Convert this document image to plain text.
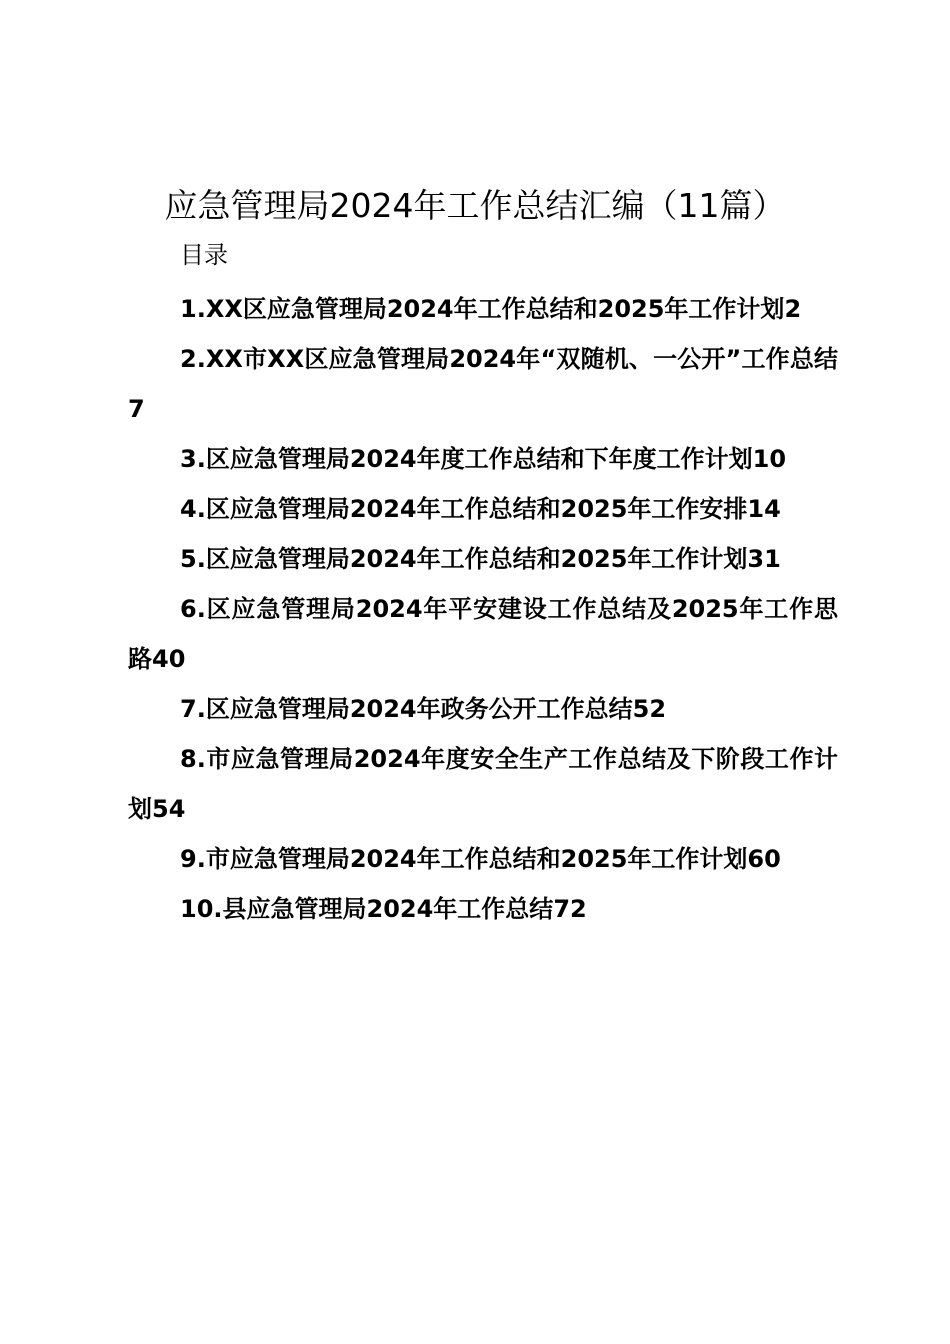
应急管理局2024年工作总结汇编（11篇）
目录
1.XX区应急管理局2024年工作总结和2025年工作计划2
2.XX市XX区应急管理局2024年“双随机、一公开”工作总结7
3.区应急管理局2024年度工作总结和下年度工作计划10
4.区应急管理局2024年工作总结和2025年工作安排14
5.区应急管理局2024年工作总结和2025年工作计划31
6.区应急管理局2024年平安建设工作总结及2025年工作思路40
7.区应急管理局2024年政务公开工作总结52
8.市应急管理局2024年度安全生产工作总结及下阶段工作计划54
9.市应急管理局2024年工作总结和2025年工作计划60
10.县应急管理局2024年工作总结72
